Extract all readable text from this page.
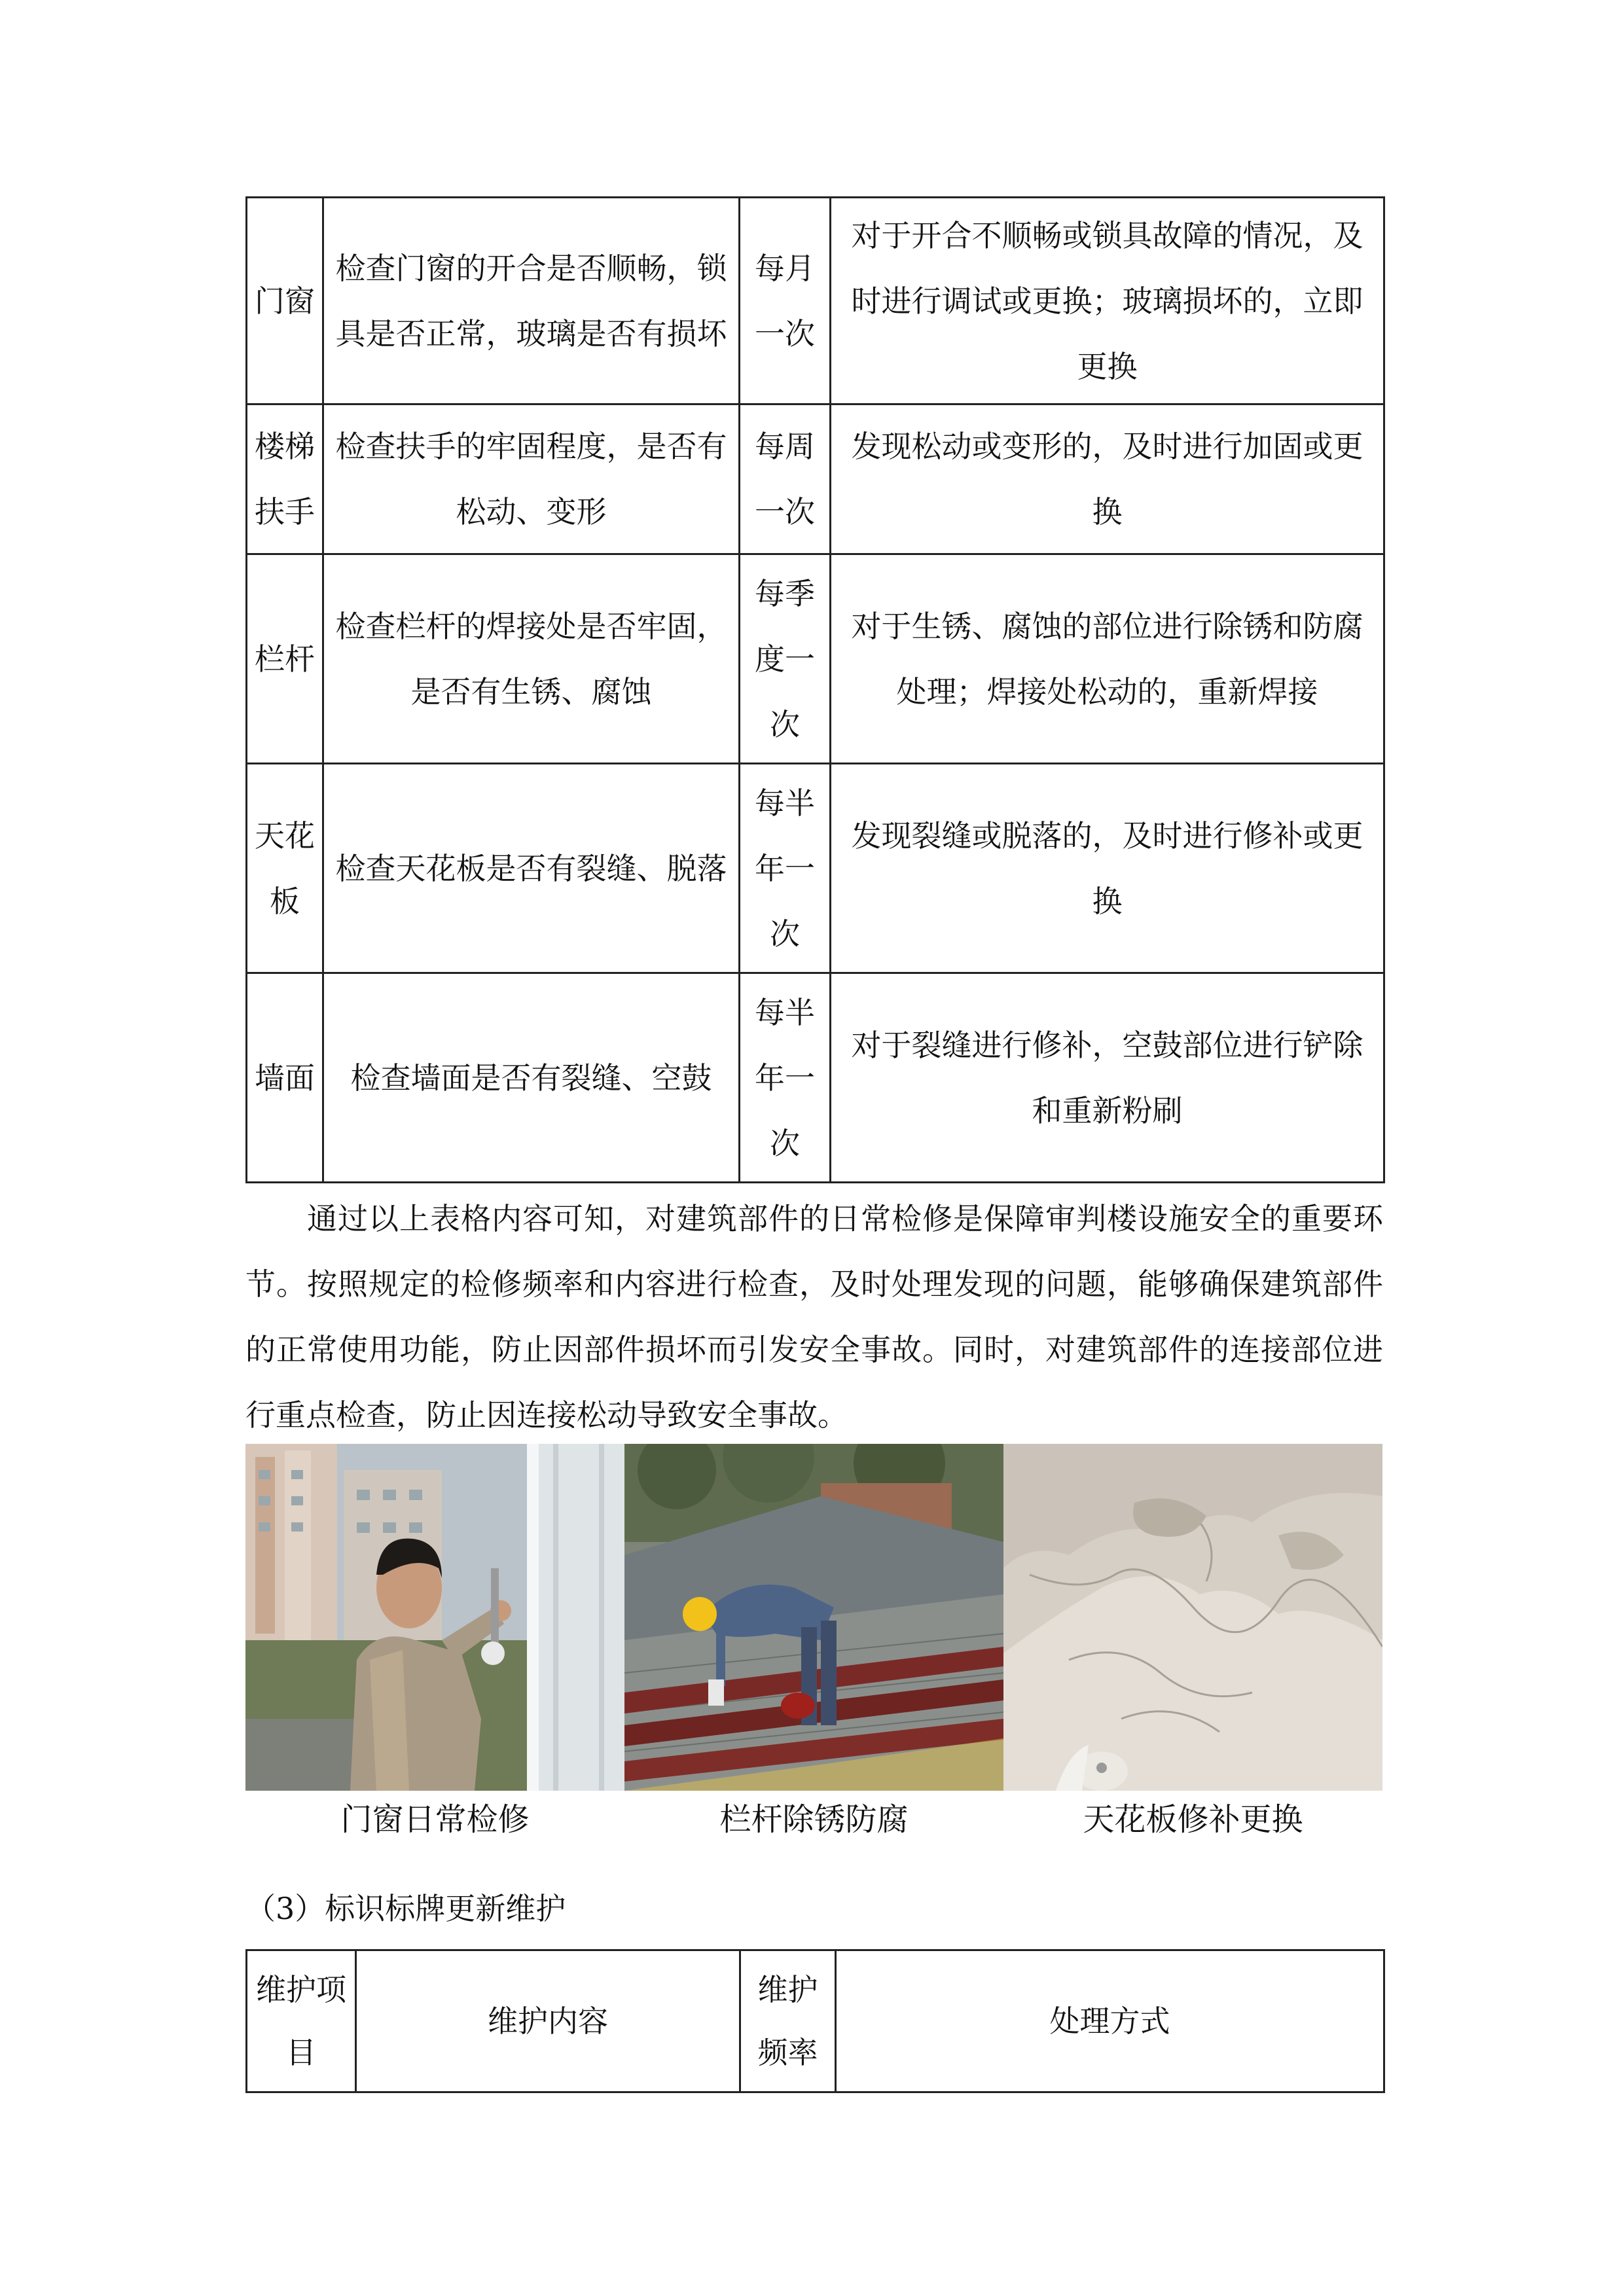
门窗	检查门窗的开合是否顺畅，锁具是否正常，玻璃是否有损坏	每月一次	对于开合不顺畅或锁具故障的情况，及时进行调试或更换；玻璃损坏的，立即更换
楼梯扶手	检查扶手的牢固程度，是否有松动、变形	每周一次	发现松动或变形的，及时进行加固或更换
栏杆	检查栏杆的焊接处是否牢固，是否有生锈、腐蚀	每季度一次	对于生锈、腐蚀的部位进行除锈和防腐处理；焊接处松动的，重新焊接
天花板	检查天花板是否有裂缝、脱落	每半年一次	发现裂缝或脱落的，及时进行修补或更换
墙面	检查墙面是否有裂缝、空鼓	每半年一次	对于裂缝进行修补，空鼓部位进行铲除和重新粉刷

通过以上表格内容可知，对建筑部件的日常检修是保障审判楼设施安全的重要环节。按照规定的检修频率和内容进行检查，及时处理发现的问题，能够确保建筑部件的正常使用功能，防止因部件损坏而引发安全事故。同时，对建筑部件的连接部位进行重点检查，防止因连接松动导致安全事故。

门窗日常检修	栏杆除锈防腐	天花板修补更换
（3）标识标牌更新维护
维护项目	维护内容	维护频率	处理方式
